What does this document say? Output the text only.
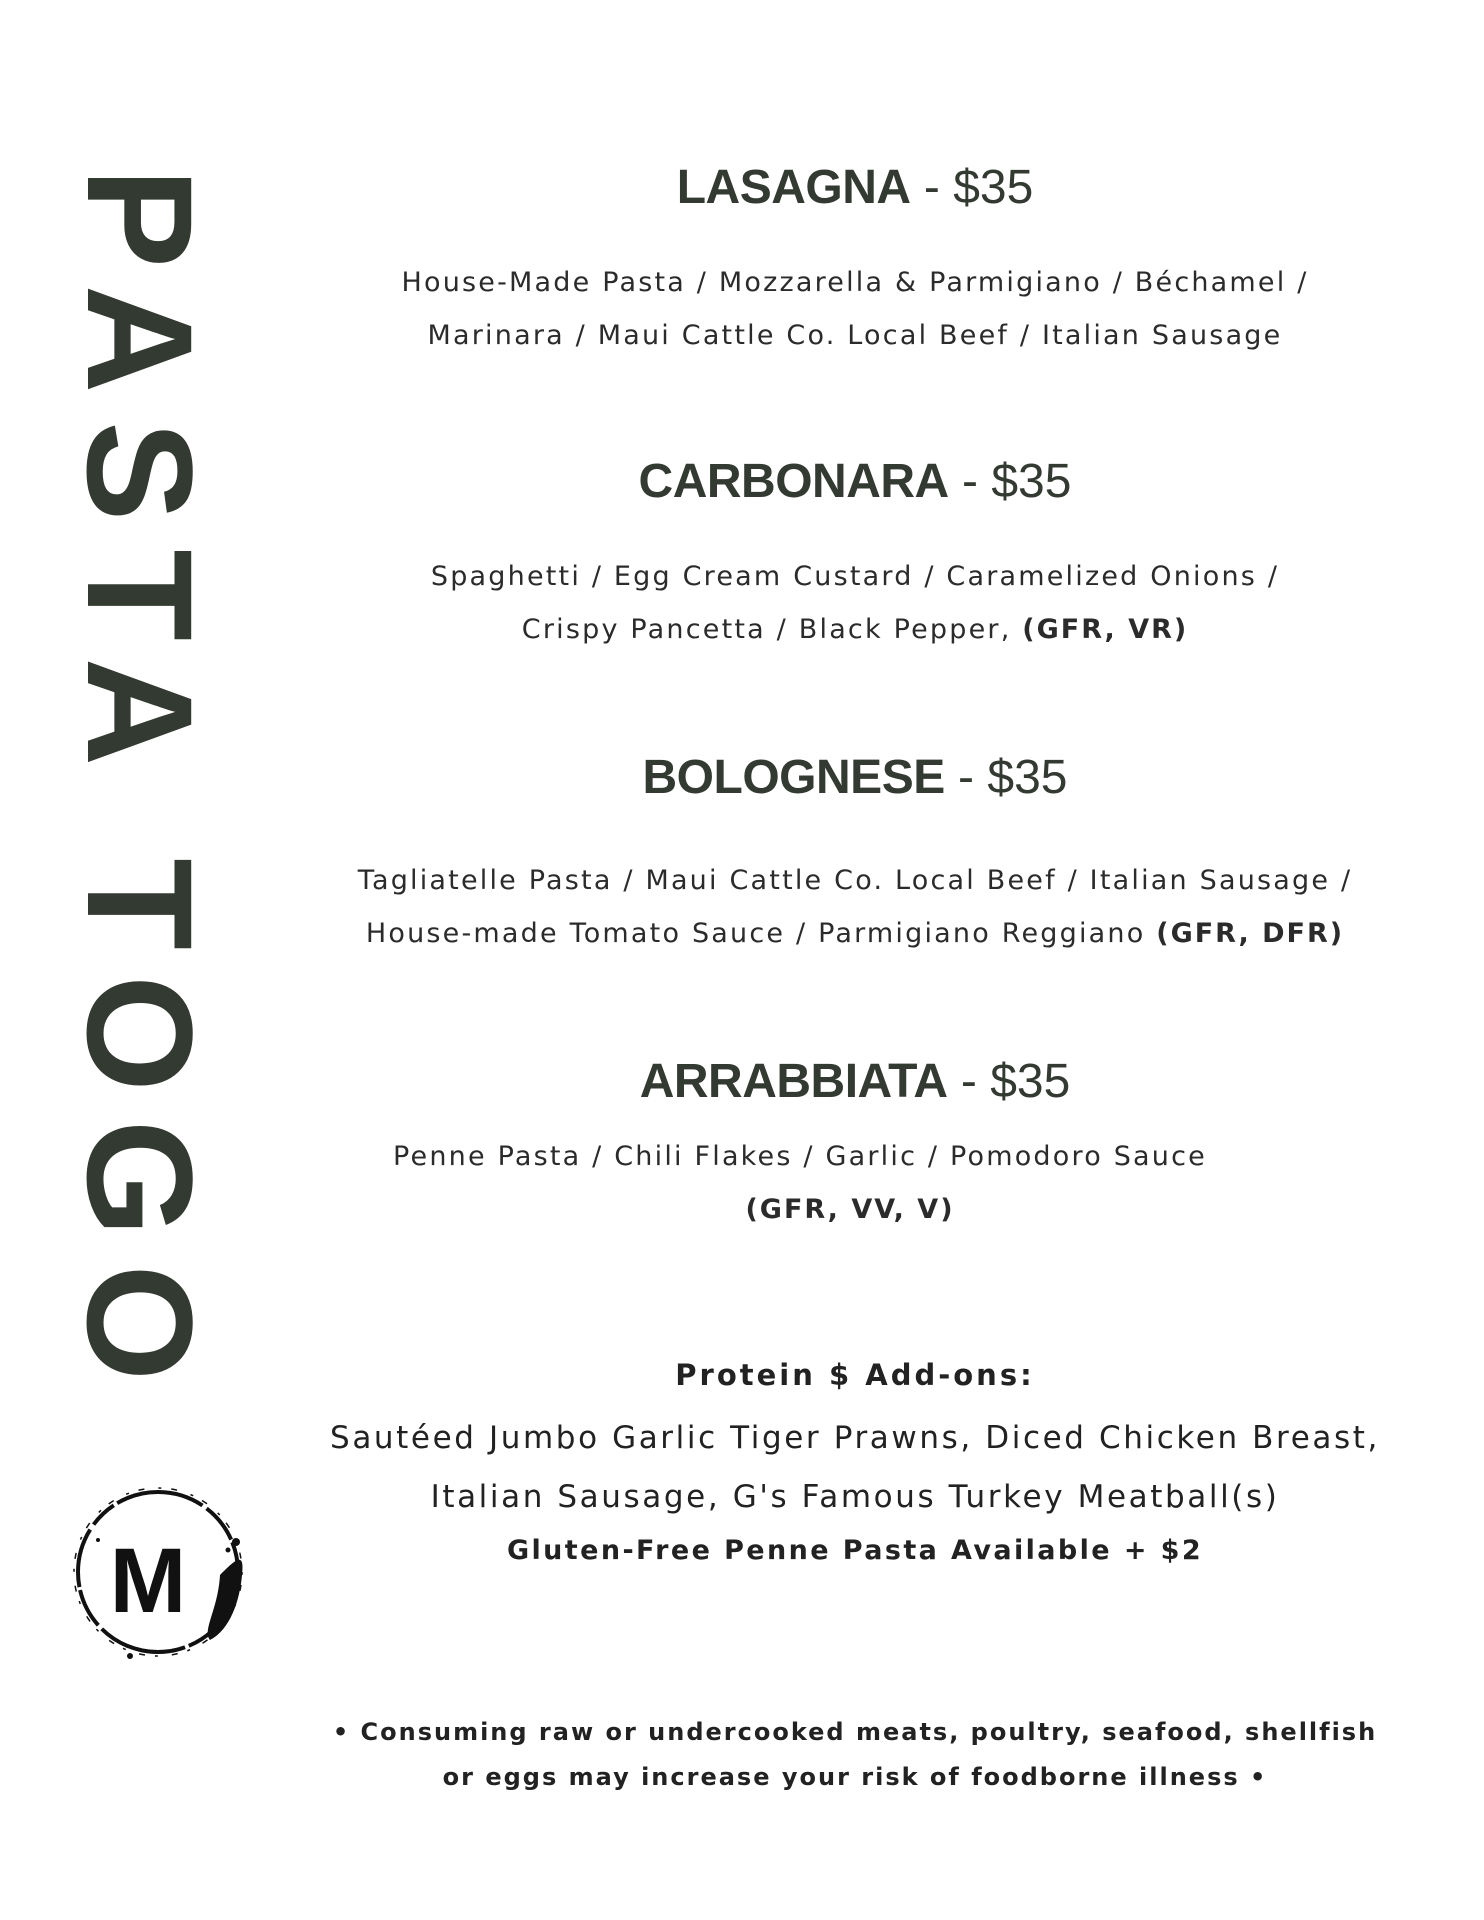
PASTA TOGO
M
LASAGNA - $35
House-Made Pasta / Mozzarella & Parmigiano / Béchamel /
Marinara / Maui Cattle Co. Local Beef / Italian Sausage
CARBONARA - $35
Spaghetti / Egg Cream Custard / Caramelized Onions /
Crispy Pancetta / Black Pepper, (GFR, VR)
BOLOGNESE - $35
Tagliatelle Pasta / Maui Cattle Co. Local Beef / Italian Sausage /
House-made Tomato Sauce / Parmigiano Reggiano (GFR, DFR)
ARRABBIATA - $35
Penne Pasta / Chili Flakes / Garlic / Pomodoro Sauce
(GFR, VV, V)
Protein $ Add-ons:
Sautéed Jumbo Garlic Tiger Prawns, Diced Chicken Breast,
Italian Sausage, G's Famous Turkey Meatball(s)
Gluten-Free Penne Pasta Available + $2
• Consuming raw or undercooked meats, poultry, seafood, shellfish
or eggs may increase your risk of foodborne illness •
